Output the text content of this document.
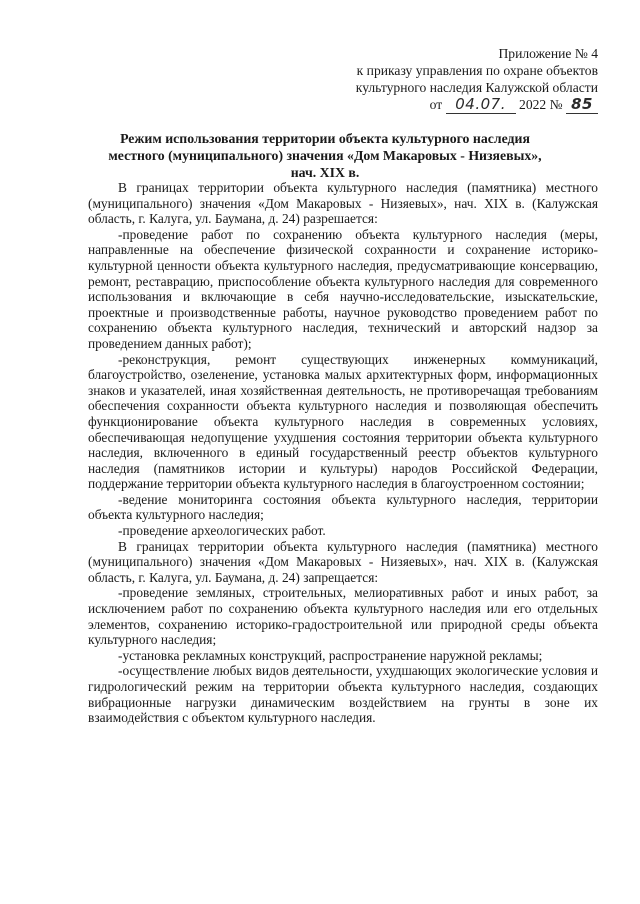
Приложение № 4
к приказу управления по охране объектов
культурного наследия Калужской области
от 04.07. 2022 № 85
Режим использования территории объекта культурного наследия местного (муниципального) значения «Дом Макаровых - Низяевых», нач. XIX в.

В границах территории объекта культурного наследия (памятника) местного (муниципального) значения «Дом Макаровых - Низяевых», нач. XIX в. (Калужская область, г. Калуга, ул. Баумана, д. 24) разрешается:

-проведение работ по сохранению объекта культурного наследия (меры, направленные на обеспечение физической сохранности и сохранение историко-культурной ценности объекта культурного наследия, предусматривающие консервацию, ремонт, реставрацию, приспособление объекта культурного наследия для современного использования и включающие в себя научно-исследовательские, изыскательские, проектные и производственные работы, научное руководство проведением работ по сохранению объекта культурного наследия, технический и авторский надзор за проведением данных работ);

-реконструкция, ремонт существующих инженерных коммуникаций, благоустройство, озеленение, установка малых архитектурных форм, информационных знаков и указателей, иная хозяйственная деятельность, не противоречащая требованиям обеспечения сохранности объекта культурного наследия и позволяющая обеспечить функционирование объекта культурного наследия в современных условиях, обеспечивающая недопущение ухудшения состояния территории объекта культурного наследия, включенного в единый государственный реестр объектов культурного наследия (памятников истории и культуры) народов Российской Федерации, поддержание территории объекта культурного наследия в благоустроенном состоянии;

-ведение мониторинга состояния объекта культурного наследия, территории объекта культурного наследия;

-проведение археологических работ.

В границах территории объекта культурного наследия (памятника) местного (муниципального) значения «Дом Макаровых - Низяевых», нач. XIX в. (Калужская область, г. Калуга, ул. Баумана, д. 24) запрещается:

-проведение земляных, строительных, мелиоративных работ и иных работ, за исключением работ по сохранению объекта культурного наследия или его отдельных элементов, сохранению историко-градостроительной или природной среды объекта культурного наследия;

-установка рекламных конструкций, распространение наружной рекламы;

-осуществление любых видов деятельности, ухудшающих экологические условия и гидрологический режим на территории объекта культурного наследия, создающих вибрационные нагрузки динамическим воздействием на грунты в зоне их взаимодействия с объектом культурного наследия.
